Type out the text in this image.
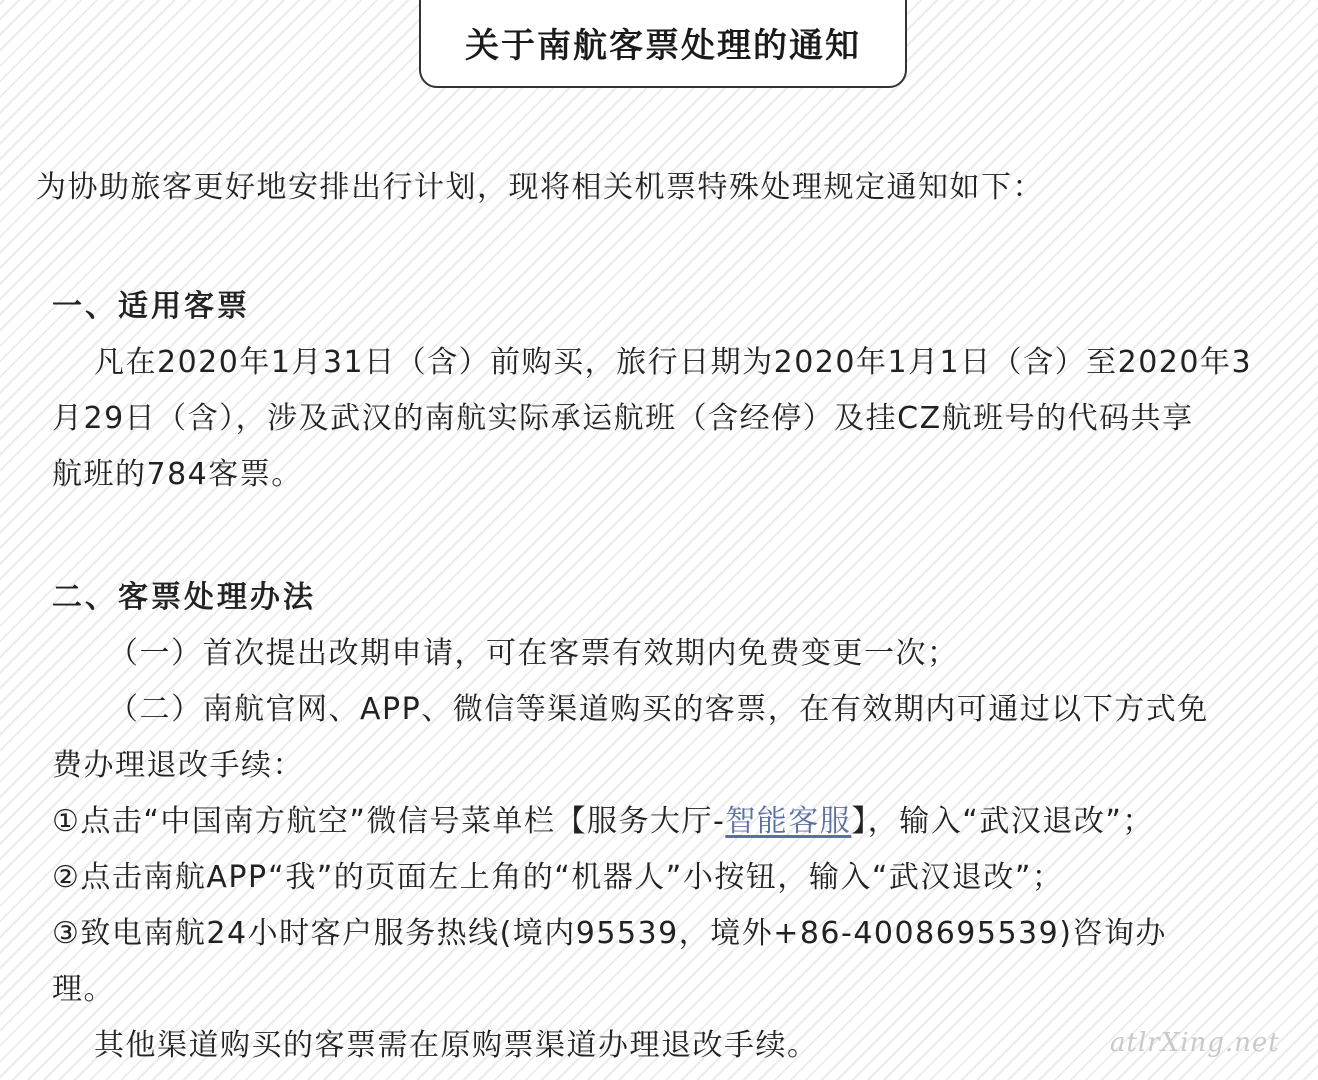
关于南航客票处理的通知
为协助旅客更好地安排出行计划，现将相关机票特殊处理规定通知如下：
一、适用客票
凡在2020年1月31日（含）前购买，旅行日期为2020年1月1日（含）至2020年3
月29日（含），涉及武汉的南航实际承运航班（含经停）及挂CZ航班号的代码共享
航班的784客票。
二、客票处理办法
（一）首次提出改期申请，可在客票有效期内免费变更一次；
（二）南航官网、APP、微信等渠道购买的客票，在有效期内可通过以下方式免
费办理退改手续：
①点击“中国南方航空”微信号菜单栏【服务大厅-智能客服】，输入“武汉退改”；
②点击南航APP“我”的页面左上角的“机器人”小按钮，输入“武汉退改”；
③致电南航24小时客户服务热线(境内95539，境外+86-4008695539)咨询办
理。
其他渠道购买的客票需在原购票渠道办理退改手续。	atlrXing.net
